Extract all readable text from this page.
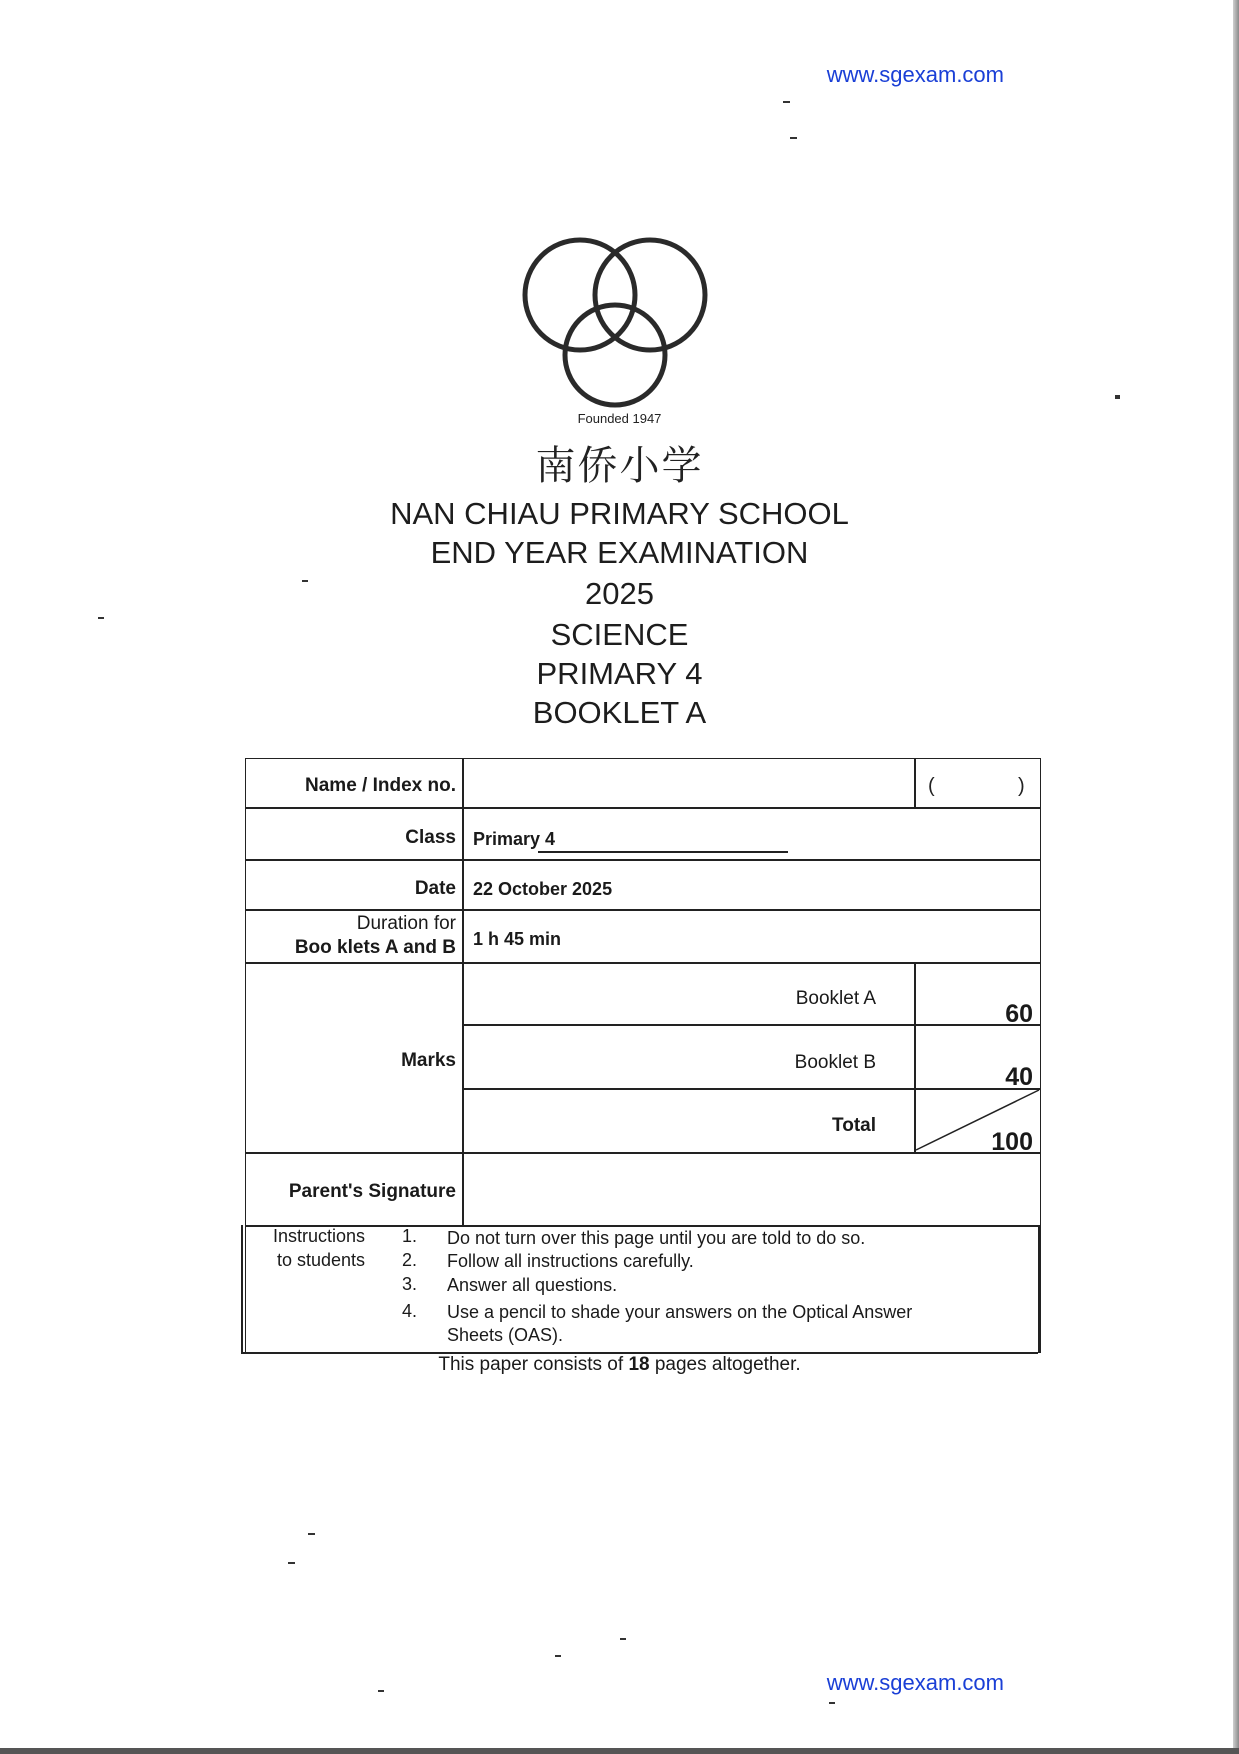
www.sgexam.com
www.sgexam.com
Founded 1947
南侨小学
NAN CHIAU PRIMARY SCHOOL
END YEAR EXAMINATION
2025
SCIENCE
PRIMARY 4
BOOKLET A
Name / Index no.	(	)
Class Primary 4
Date 22 October 2025
Duration for
Boo klets A and B 1 h 45 min
Marks
Booklet A
60
Booklet B
40
Total
100
Parent's Signature
Instructions
to students
1. Do not turn over this page until you are told to do so.
2. Follow all instructions carefully.
3. Answer all questions.
4. Use a pencil to shade your answers on the Optical Answer
Sheets (OAS).
This paper consists of 18 pages altogether.
